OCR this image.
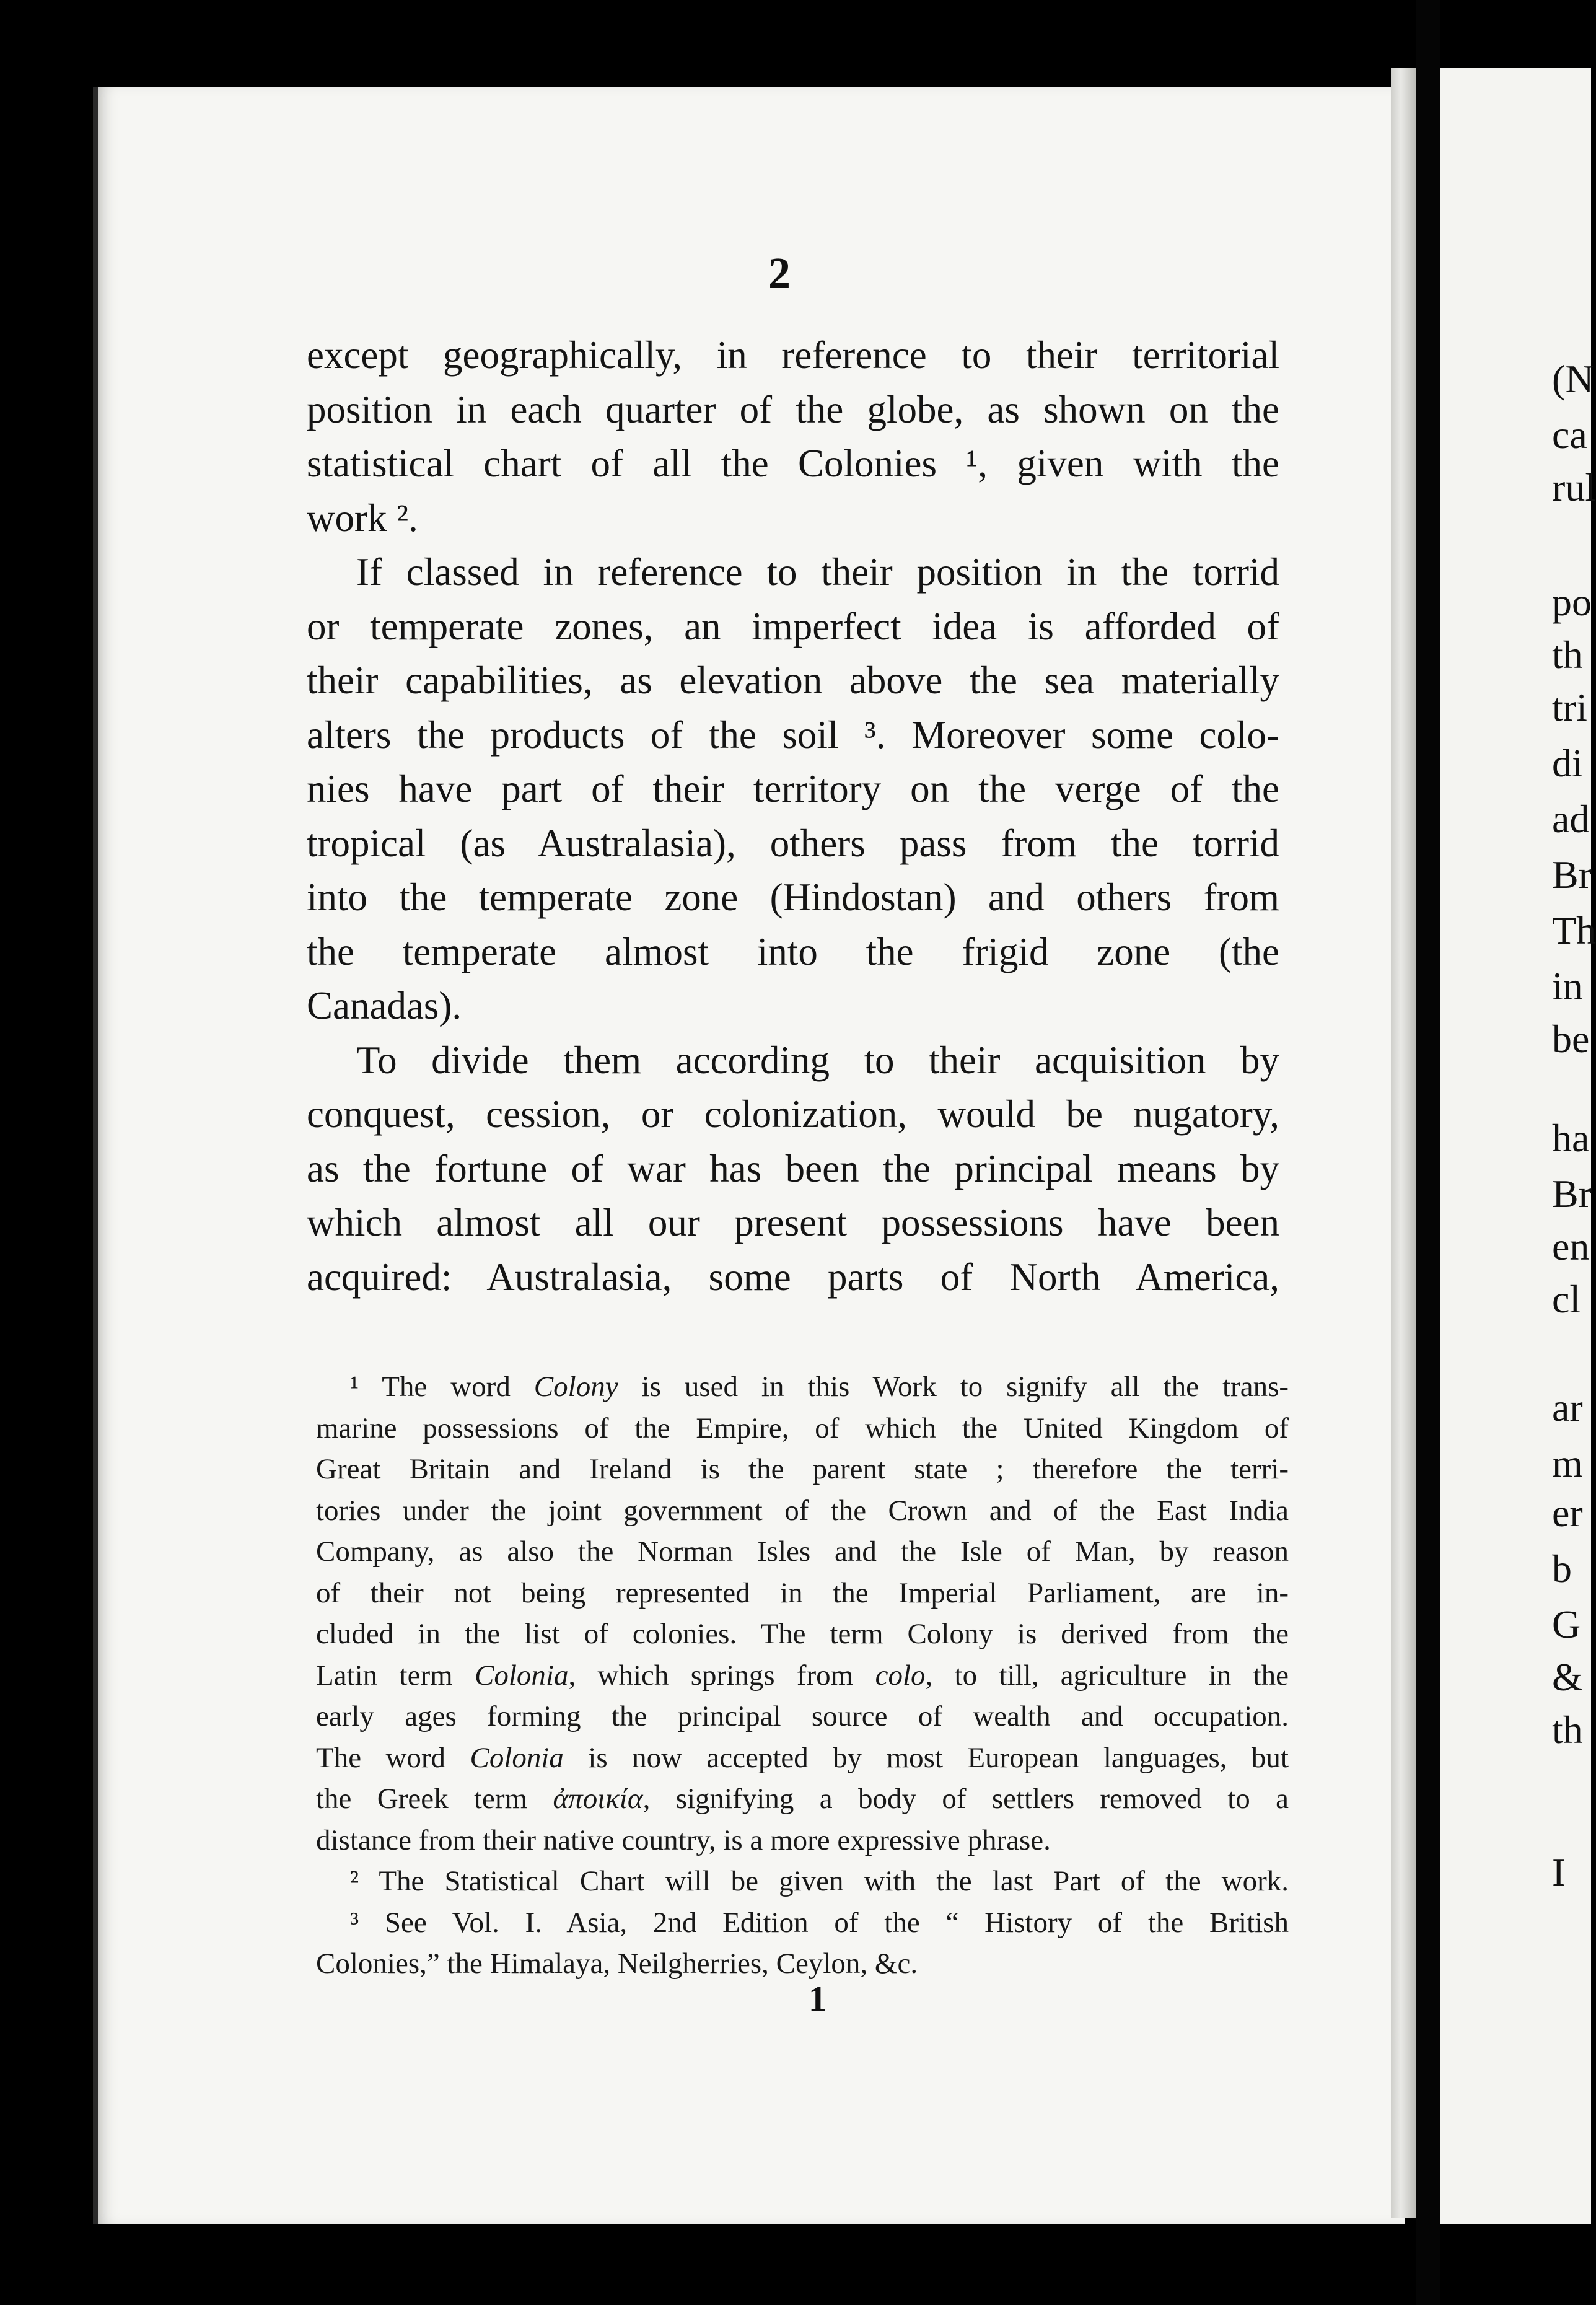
(N
ca
rul
po
th
tri
di
ad
Br
Th
in
be
ha
Br
en
cl
ar
m
er
b
G
&
th
I
2
except geographically, in reference to their territorial
position in each quarter of the globe, as shown on the
statistical chart of all the Colonies ¹, given with the
work ².
If classed in reference to their position in the torrid
or temperate zones, an imperfect idea is afforded of
their capabilities, as elevation above the sea materially
alters the products of the soil ³. Moreover some colo-
nies have part of their territory on the verge of the
tropical (as Australasia), others pass from the torrid
into the temperate zone (Hindostan) and others from
the temperate almost into the frigid zone (the
Canadas).
To divide them according to their acquisition by
conquest, cession, or colonization, would be nugatory,
as the fortune of war has been the principal means by
which almost all our present possessions have been
acquired: Australasia, some parts of North America,
¹ The word Colony is used in this Work to signify all the trans-
marine possessions of the Empire, of which the United Kingdom of
Great Britain and Ireland is the parent state ; therefore the terri-
tories under the joint government of the Crown and of the East India
Company, as also the Norman Isles and the Isle of Man, by reason
of their not being represented in the Imperial Parliament, are in-
cluded in the list of colonies. The term Colony is derived from the
Latin term Colonia, which springs from colo, to till, agriculture in the
early ages forming the principal source of wealth and occupation.
The word Colonia is now accepted by most European languages, but
the Greek term ἀποικία, signifying a body of settlers removed to a
distance from their native country, is a more expressive phrase.
² The Statistical Chart will be given with the last Part of the work.
³ See Vol. I. Asia, 2nd Edition of the “ History of the British
Colonies,” the Himalaya, Neilgherries, Ceylon, &c.
1
